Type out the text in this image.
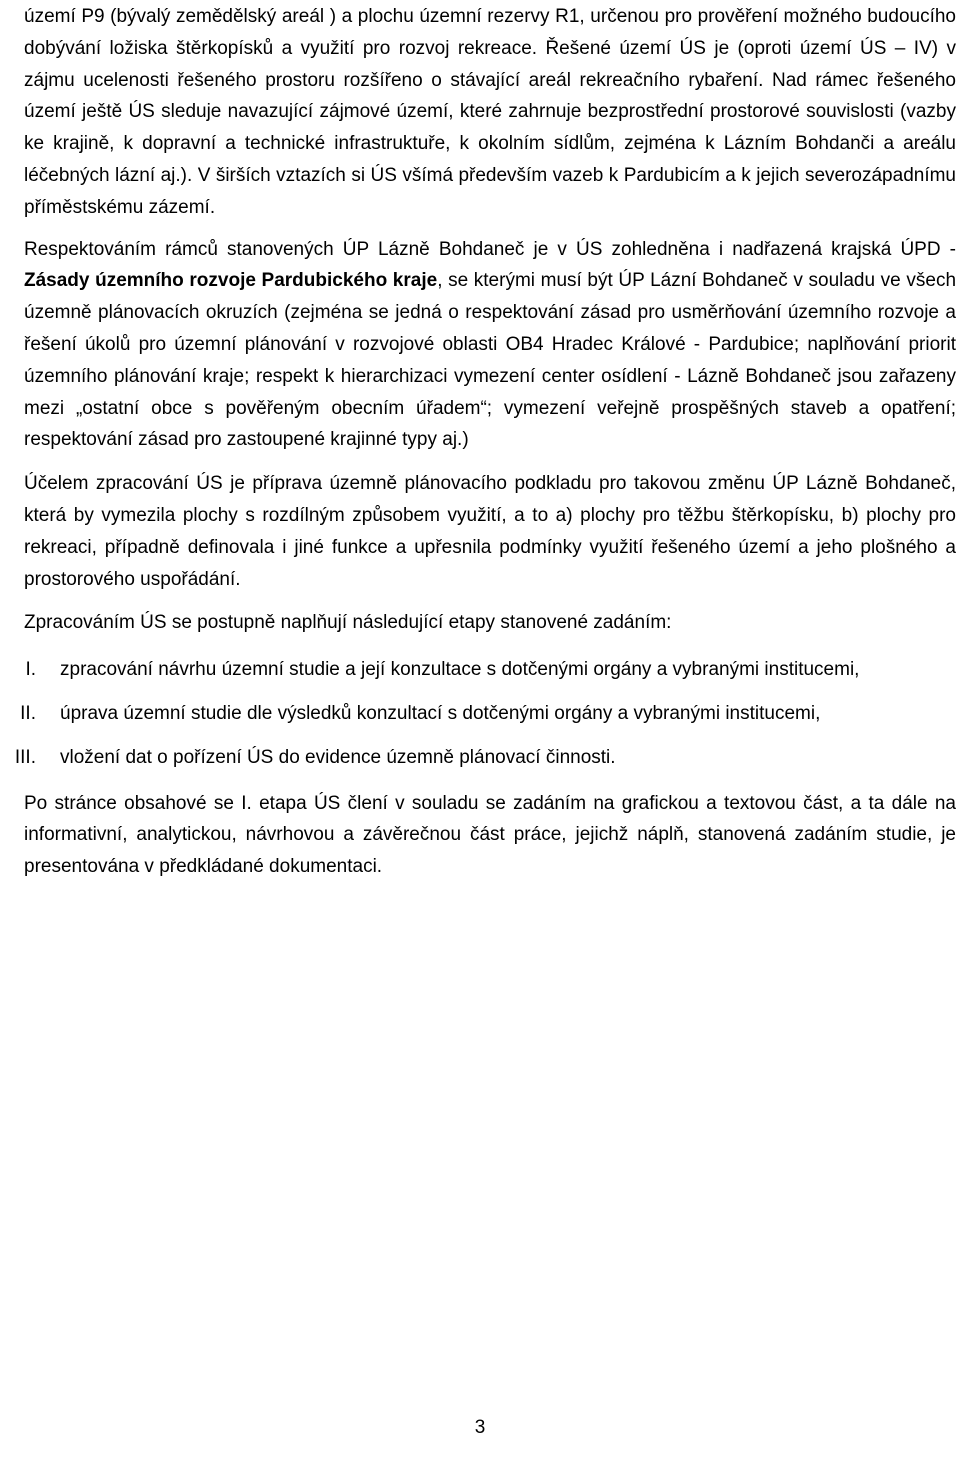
území P9 (bývalý zemědělský areál ) a plochu územní rezervy R1, určenou pro prověření možného budoucího dobývání ložiska štěrkopísků a využití pro rozvoj rekreace. Řešené území ÚS je (oproti území ÚS – IV) v zájmu ucelenosti řešeného prostoru rozšířeno o stávající areál rekreačního rybaření. Nad rámec řešeného území ještě ÚS sleduje navazující zájmové území, které zahrnuje bezprostřední prostorové souvislosti (vazby ke krajině, k dopravní a technické infrastruktuře, k okolním sídlům, zejména k Lázním Bohdanči a areálu léčebných lázní aj.). V širších vztazích si ÚS všímá především vazeb k Pardubicím a k jejich severozápadnímu příměstskému zázemí.

Respektováním rámců stanovených ÚP Lázně Bohdaneč je v ÚS zohledněna i nadřazená krajská ÚPD - Zásady územního rozvoje Pardubického kraje, se kterými musí být ÚP Lázní Bohdaneč v souladu ve všech územně plánovacích okruzích (zejména se jedná o respektování zásad pro usměrňování územního rozvoje a řešení úkolů pro územní plánování v rozvojové oblasti OB4 Hradec Králové - Pardubice; naplňování priorit územního plánování kraje; respekt k hierarchizaci vymezení center osídlení - Lázně Bohdaneč jsou zařazeny mezi „ostatní obce s pověřeným obecním úřadem“; vymezení veřejně prospěšných staveb a opatření; respektování zásad pro zastoupené krajinné typy aj.)

Účelem zpracování ÚS je příprava územně plánovacího podkladu pro takovou změnu ÚP Lázně Bohdaneč, která by vymezila plochy s rozdílným způsobem využití, a to a) plochy pro těžbu štěrkopísku, b) plochy pro rekreaci, případně definovala i jiné funkce a upřesnila podmínky využití řešeného území a jeho plošného a prostorového uspořádání.

Zpracováním ÚS se postupně naplňují následující etapy stanovené zadáním:

I. zpracování návrhu územní studie a její konzultace s dotčenými orgány a vybranými institucemi,
II. úprava územní studie dle výsledků konzultací s dotčenými orgány a vybranými institucemi,
III. vložení dat o pořízení ÚS do evidence územně plánovací činnosti.

Po stránce obsahové se I. etapa ÚS člení v souladu se zadáním na grafickou a textovou část, a ta dále na informativní, analytickou, návrhovou a závěrečnou část práce, jejichž náplň, stanovená zadáním studie, je presentována v předkládané dokumentaci.

3
